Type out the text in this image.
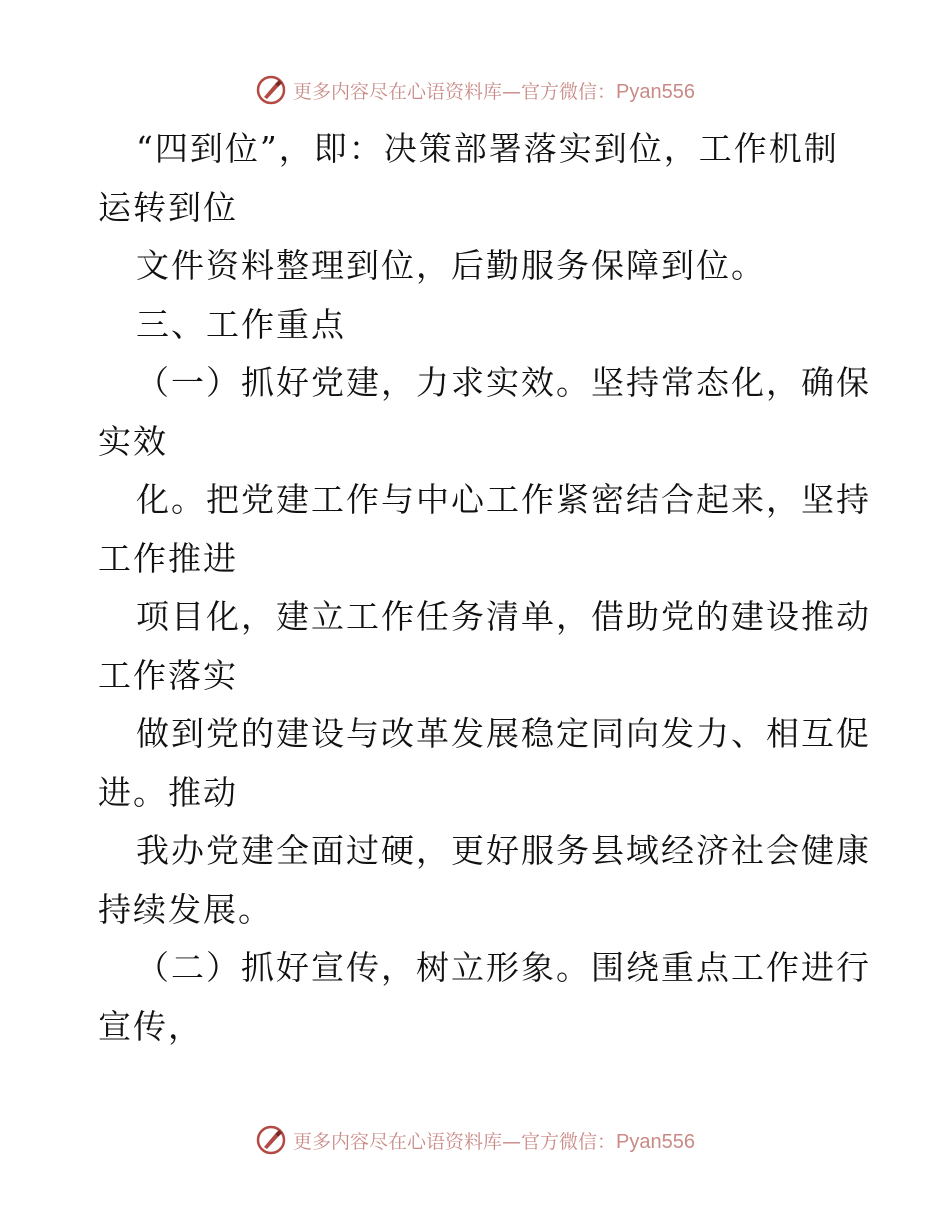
更多内容尽在心语资料库—官方微信：Pyan556
“四到位”，即：决策部署落实到位，工作机制
运转到位
文件资料整理到位，后勤服务保障到位。
三、工作重点
（一）抓好党建，力求实效。坚持常态化，确保
实效
化。把党建工作与中心工作紧密结合起来，坚持
工作推进
项目化，建立工作任务清单，借助党的建设推动
工作落实
做到党的建设与改革发展稳定同向发力、相互促
进。推动
我办党建全面过硬，更好服务县域经济社会健康
持续发展。
（二）抓好宣传，树立形象。围绕重点工作进行
宣传，
更多内容尽在心语资料库—官方微信：Pyan556
